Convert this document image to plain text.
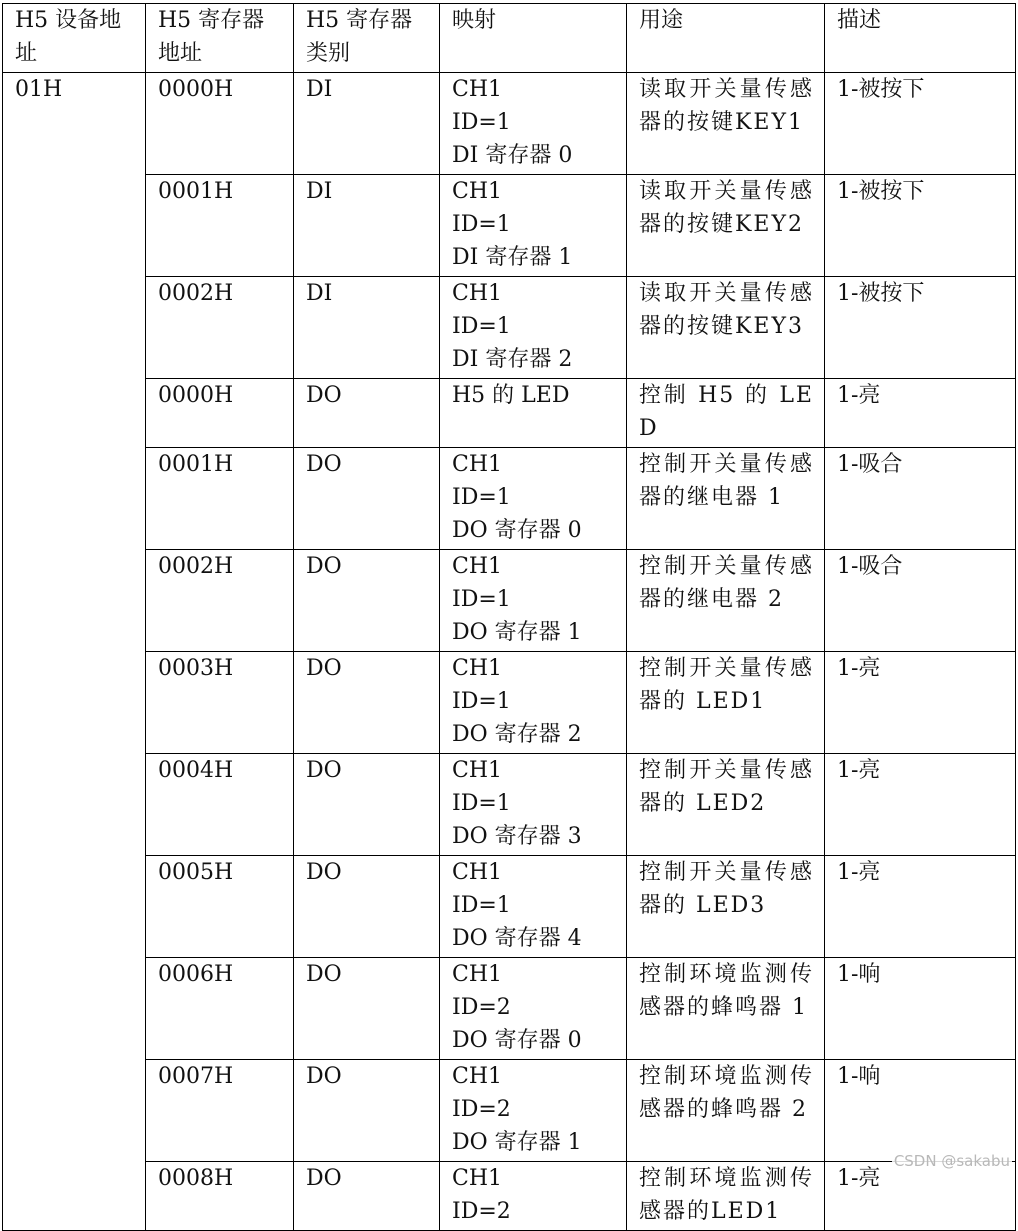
H5 设备地址	H5 寄存器地址	H5 寄存器类别	映射	用途	描述
01H	0000H	DI	CH1
ID=1
DI 寄存器 0	读取开关量传感器的按键KEY1	1-被按下
	0001H	DI	CH1
ID=1
DI 寄存器 1	读取开关量传感器的按键KEY2	1-被按下
	0002H	DI	CH1
ID=1
DI 寄存器 2	读取开关量传感器的按键KEY3	1-被按下
	0000H	DO	H5 的 LED	控制 H5 的 LED	1-亮
	0001H	DO	CH1
ID=1
DO 寄存器 0	控制开关量传感器的继电器 1	1-吸合
	0002H	DO	CH1
ID=1
DO 寄存器 1	控制开关量传感器的继电器 2	1-吸合
	0003H	DO	CH1
ID=1
DO 寄存器 2	控制开关量传感器的 LED1	1-亮
	0004H	DO	CH1
ID=1
DO 寄存器 3	控制开关量传感器的 LED2	1-亮
	0005H	DO	CH1
ID=1
DO 寄存器 4	控制开关量传感器的 LED3	1-亮
	0006H	DO	CH1
ID=2
DO 寄存器 0	控制环境监测传感器的蜂鸣器 1	1-响
	0007H	DO	CH1
ID=2
DO 寄存器 1	控制环境监测传感器的蜂鸣器 2	1-响
	0008H	DO	CH1
ID=2	控制环境监测传感器的LED1	1-亮
CSDN @sakabu
